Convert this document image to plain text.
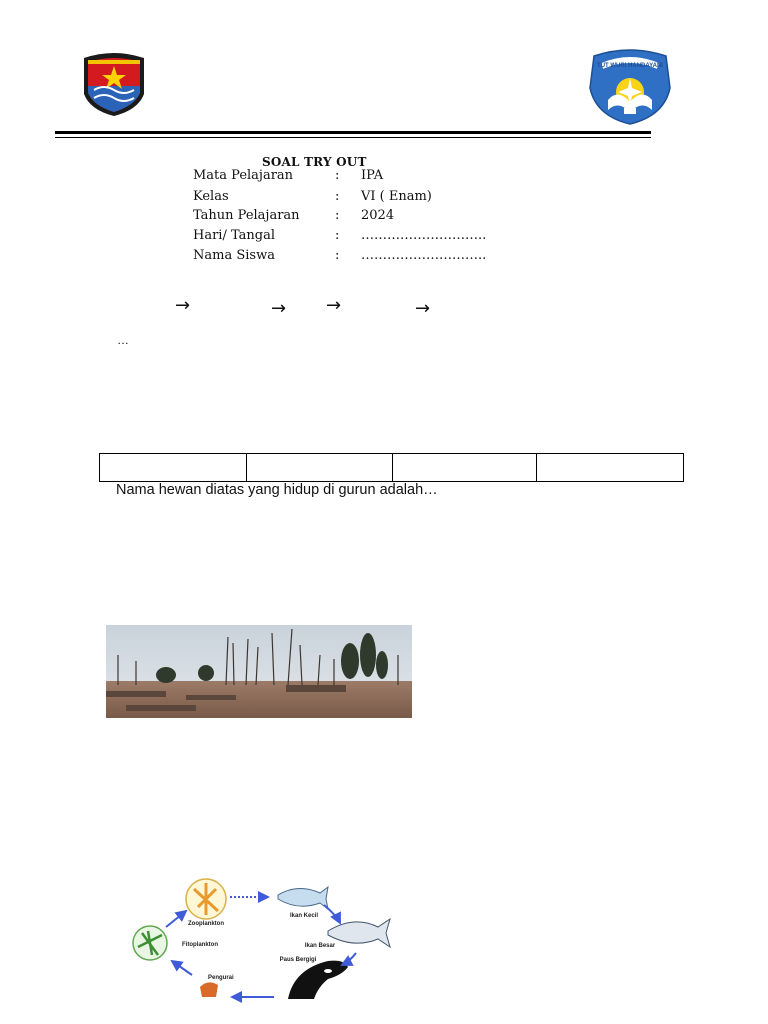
TUT WURI HANDAYANI
SOAL TRY OUT
Mata Pelajaran	: IPA
Kelas	: VI ( Enam)
Tahun Pelajaran	: 2024
Hari/ Tangal	: ………………………..
Nama Siswa	: ………………………..
→	→ →	→
…
Nama hewan diatas yang hidup di gurun adalah…
Zooplankton
Fitoplankton
Ikan Kecil
Ikan Besar
Paus Bergigi
Pengurai
